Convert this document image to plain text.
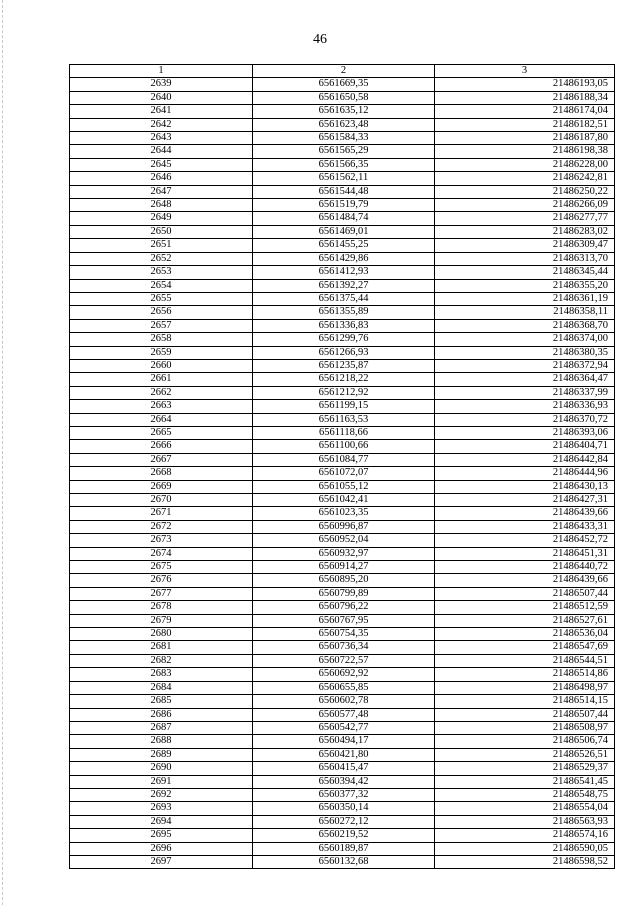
46
1	2	3
2639	6561669,35	21486193,05
2640	6561650,58	21486188,34
2641	6561635,12	21486174,04
2642	6561623,48	21486182,51
2643	6561584,33	21486187,80
2644	6561565,29	21486198,38
2645	6561566,35	21486228,00
2646	6561562,11	21486242,81
2647	6561544,48	21486250,22
2648	6561519,79	21486266,09
2649	6561484,74	21486277,77
2650	6561469,01	21486283,02
2651	6561455,25	21486309,47
2652	6561429,86	21486313,70
2653	6561412,93	21486345,44
2654	6561392,27	21486355,20
2655	6561375,44	21486361,19
2656	6561355,89	21486358,11
2657	6561336,83	21486368,70
2658	6561299,76	21486374,00
2659	6561266,93	21486380,35
2660	6561235,87	21486372,94
2661	6561218,22	21486364,47
2662	6561212,92	21486337,99
2663	6561199,15	21486336,93
2664	6561163,53	21486370,72
2665	6561118,66	21486393,06
2666	6561100,66	21486404,71
2667	6561084,77	21486442,84
2668	6561072,07	21486444,96
2669	6561055,12	21486430,13
2670	6561042,41	21486427,31
2671	6561023,35	21486439,66
2672	6560996,87	21486433,31
2673	6560952,04	21486452,72
2674	6560932,97	21486451,31
2675	6560914,27	21486440,72
2676	6560895,20	21486439,66
2677	6560799,89	21486507,44
2678	6560796,22	21486512,59
2679	6560767,95	21486527,61
2680	6560754,35	21486536,04
2681	6560736,34	21486547,69
2682	6560722,57	21486544,51
2683	6560692,92	21486514,86
2684	6560655,85	21486498,97
2685	6560602,78	21486514,15
2686	6560577,48	21486507,44
2687	6560542,77	21486508,97
2688	6560494,17	21486506,74
2689	6560421,80	21486526,51
2690	6560415,47	21486529,37
2691	6560394,42	21486541,45
2692	6560377,32	21486548,75
2693	6560350,14	21486554,04
2694	6560272,12	21486563,93
2695	6560219,52	21486574,16
2696	6560189,87	21486590,05
2697	6560132,68	21486598,52
